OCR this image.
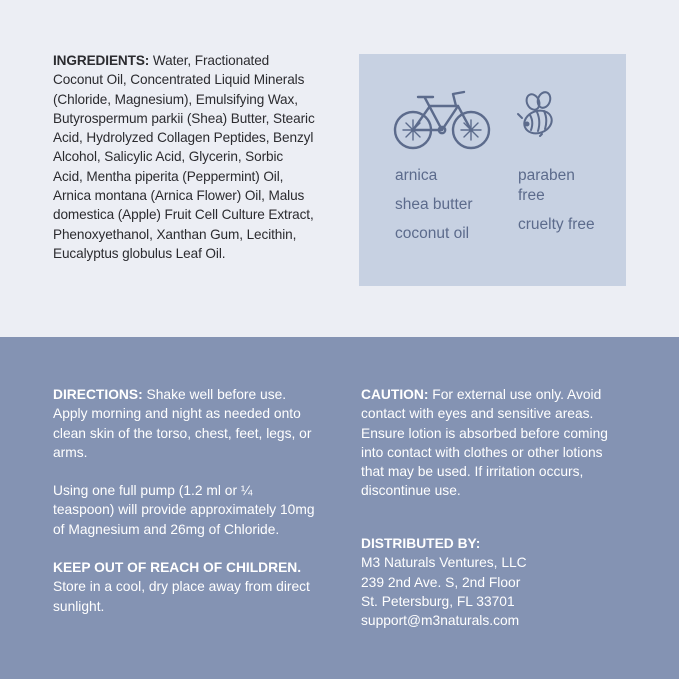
INGREDIENTS: Water, Fractionated Coconut Oil, Concentrated Liquid Minerals (Chloride, Magnesium), Emulsifying Wax, Butyrospermum parkii (Shea) Butter, Stearic Acid, Hydrolyzed Collagen Peptides, Benzyl Alcohol, Salicylic Acid, Glycerin, Sorbic Acid, Mentha piperita (Peppermint) Oil, Arnica montana (Arnica Flower) Oil, Malus domestica (Apple) Fruit Cell Culture Extract, Phenoxyethanol, Xanthan Gum, Lecithin, Eucalyptus globulus Leaf Oil.
arnica
shea butter
coconut oil
paraben free
cruelty free

DIRECTIONS: Shake well before use. Apply morning and night as needed onto clean skin of the torso, chest, feet, legs, or arms.

Using one full pump (1.2 ml or ¼ teaspoon) will provide approximately 10mg of Magnesium and 26mg of Chloride.

KEEP OUT OF REACH OF CHILDREN. Store in a cool, dry place away from direct sunlight.

CAUTION: For external use only. Avoid contact with eyes and sensitive areas. Ensure lotion is absorbed before coming into contact with clothes or other lotions that may be used. If irritation occurs, discontinue use.

DISTRIBUTED BY:

M3 Naturals Ventures, LLC

239 2nd Ave. S, 2nd Floor

St. Petersburg, FL 33701

support@m3naturals.com
